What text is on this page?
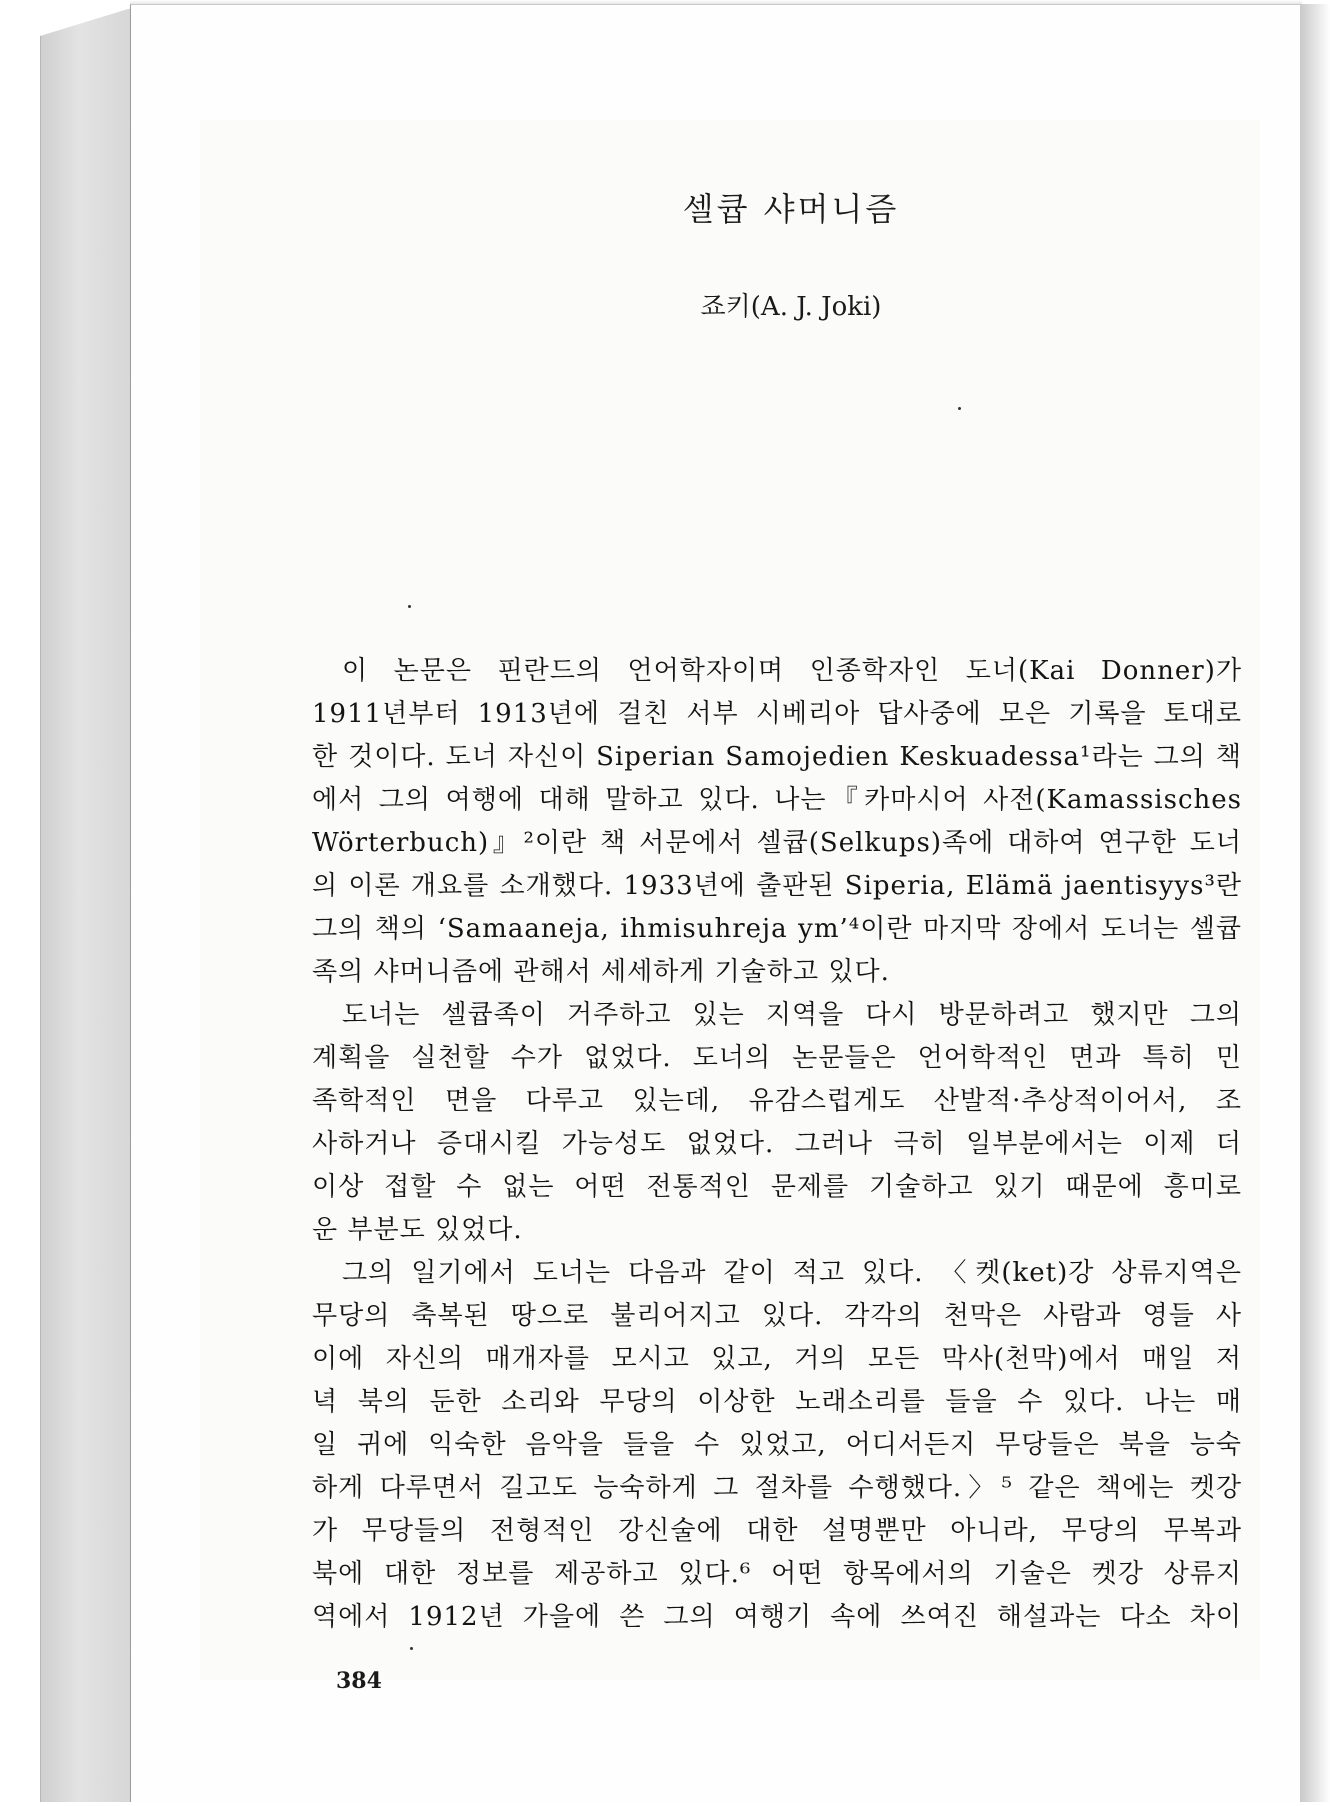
셀큡 샤머니즘
죠키(A. J. Joki)
이 논문은 핀란드의 언어학자이며 인종학자인 도너(Kai Donner)가
1911년부터 1913년에 걸친 서부 시베리아 답사중에 모은 기록을 토대로
한 것이다. 도너 자신이 Siperian Samojedien Keskuadessa¹라는 그의 책
에서 그의 여행에 대해 말하고 있다. 나는『카마시어 사전(Kamassisches
Wörterbuch)』²이란 책 서문에서 셀큡(Selkups)족에 대하여 연구한 도너
의 이론 개요를 소개했다. 1933년에 출판된 Siperia, Elämä jaentisyys³란
그의 책의 ‘Samaaneja, ihmisuhreja ym’⁴이란 마지막 장에서 도너는 셀큡
족의 샤머니즘에 관해서 세세하게 기술하고 있다.
도너는 셀큡족이 거주하고 있는 지역을 다시 방문하려고 했지만 그의
계획을 실천할 수가 없었다. 도너의 논문들은 언어학적인 면과 특히 민
족학적인 면을 다루고 있는데, 유감스럽게도 산발적·추상적이어서, 조
사하거나 증대시킬 가능성도 없었다. 그러나 극히 일부분에서는 이제 더
이상 접할 수 없는 어떤 전통적인 문제를 기술하고 있기 때문에 흥미로
운 부분도 있었다.
그의 일기에서 도너는 다음과 같이 적고 있다. 〈켓(ket)강 상류지역은
무당의 축복된 땅으로 불리어지고 있다. 각각의 천막은 사람과 영들 사
이에 자신의 매개자를 모시고 있고, 거의 모든 막사(천막)에서 매일 저
녁 북의 둔한 소리와 무당의 이상한 노래소리를 들을 수 있다. 나는 매
일 귀에 익숙한 음악을 들을 수 있었고, 어디서든지 무당들은 북을 능숙
하게 다루면서 길고도 능숙하게 그 절차를 수행했다.〉⁵ 같은 책에는 켓강
가 무당들의 전형적인 강신술에 대한 설명뿐만 아니라, 무당의 무복과
북에 대한 정보를 제공하고 있다.⁶ 어떤 항목에서의 기술은 켓강 상류지
역에서 1912년 가을에 쓴 그의 여행기 속에 쓰여진 해설과는 다소 차이
384
